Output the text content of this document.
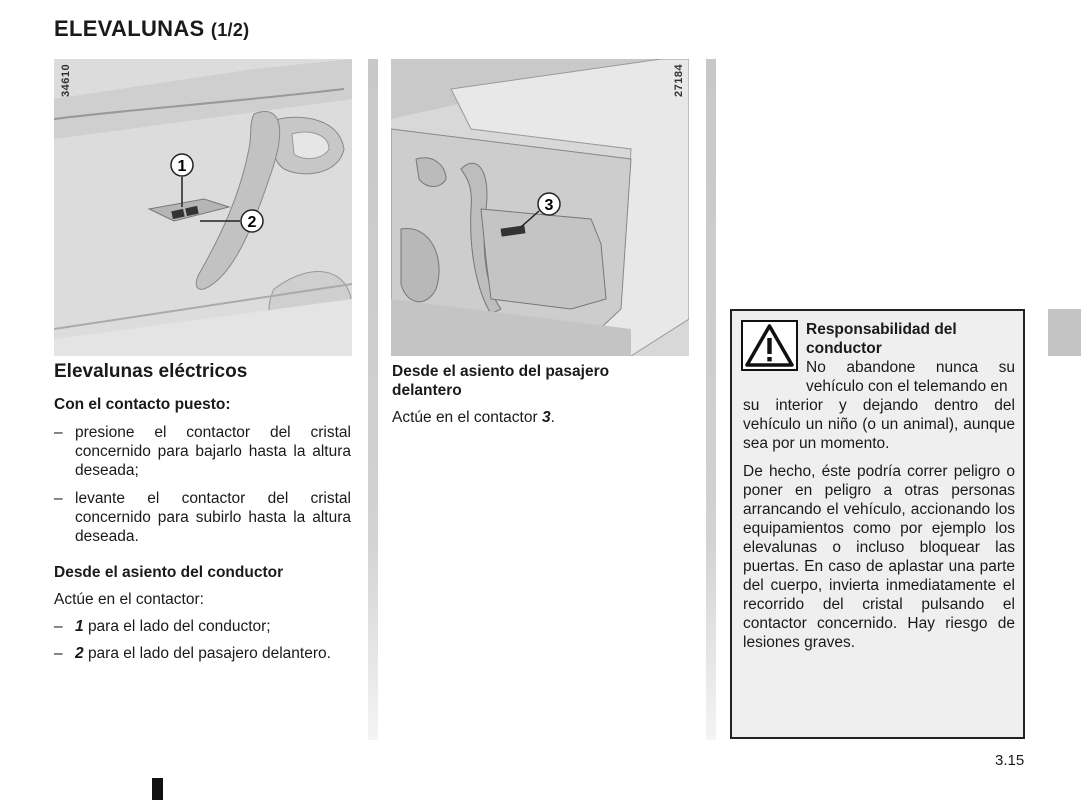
ELEVALUNAS (1/2)
1
2
34610
3
27184

Elevalunas eléctricos

Con el contacto puesto:

– presione el contactor del cristal concernido para bajarlo hasta la altura deseada;
– levante el contactor del cristal concernido para subirlo hasta la altura deseada.

Desde el asiento del conductor

Actúe en el contactor:

– 1 para el lado del conductor;
– 2 para el lado del pasajero delantero.

Desde el asiento del pasajero delantero

Actúe en el contactor 3.

Responsabilidad del conductor

No abandone nunca su vehículo con el telemando en

su interior y dejando dentro del vehículo un niño (o un animal), aunque sea por un momento.

De hecho, éste podría correr peligro o poner en peligro a otras personas arrancando el vehículo, accionando los equipamientos como por ejemplo los elevalunas o incluso bloquear las puertas. En caso de aplastar una parte del cuerpo, invierta inmediatamente el recorrido del cristal pulsando el contactor concernido. Hay riesgo de lesiones graves.

3.15
